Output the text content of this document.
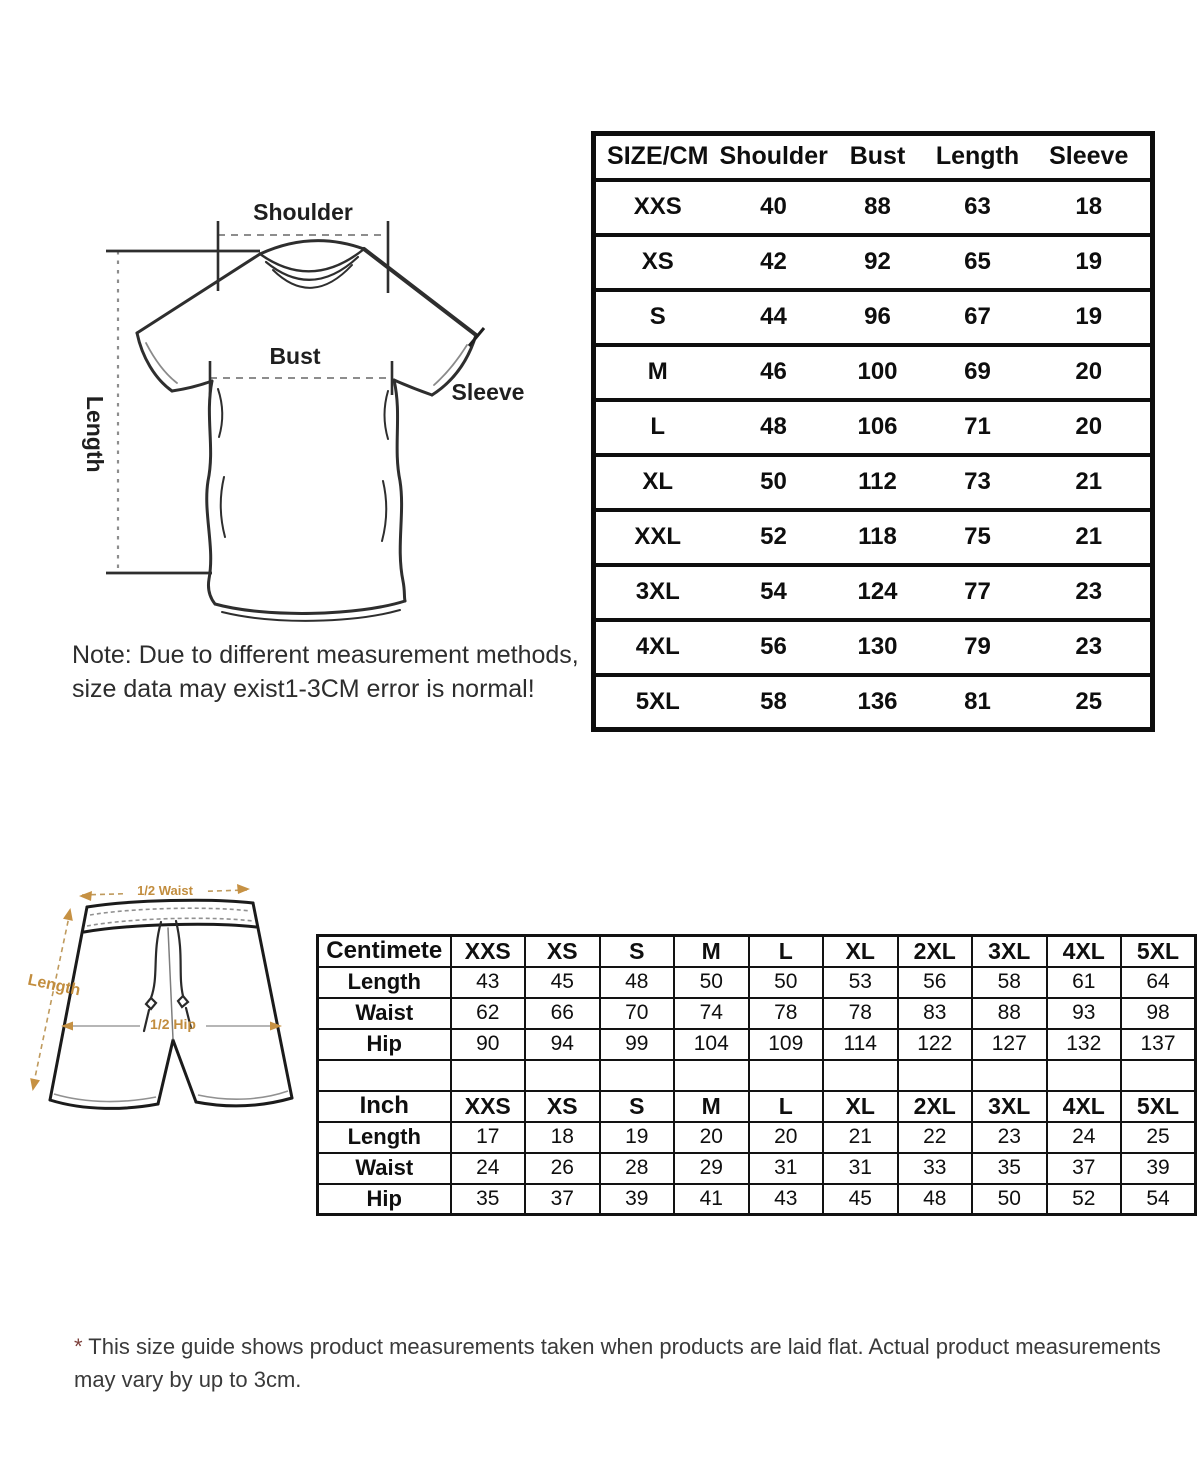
Shoulder
Bust
Length
Sleeve

Note: Due to different measurement methods,
size data may exist1-3CM error is normal!

SIZE/CM	Shoulder	Bust	Length	Sleeve
XXS	40	88	63	18
XS	42	92	65	19
S	44	96	67	19
M	46	100	69	20
L	48	106	71	20
XL	50	112	73	21
XXL	52	118	75	21
3XL	54	124	77	23
4XL	56	130	79	23
5XL	58	136	81	25
1/2 Waist
Length
1/2 Hip
Centimete	XXS	XS	S	M	L	XL	2XL	3XL	4XL	5XL
Length	43	45	48	50	50	53	56	58	61	64
Waist	62	66	70	74	78	78	83	88	93	98
Hip	90	94	99	104	109	114	122	127	132	137

Inch	XXS	XS	S	M	L	XL	2XL	3XL	4XL	5XL
Length	17	18	19	20	20	21	22	23	24	25
Waist	24	26	28	29	31	31	33	35	37	39
Hip	35	37	39	41	43	45	48	50	52	54

* This size guide shows product measurements taken when products are laid flat. Actual product measurements may vary by up to 3cm.
